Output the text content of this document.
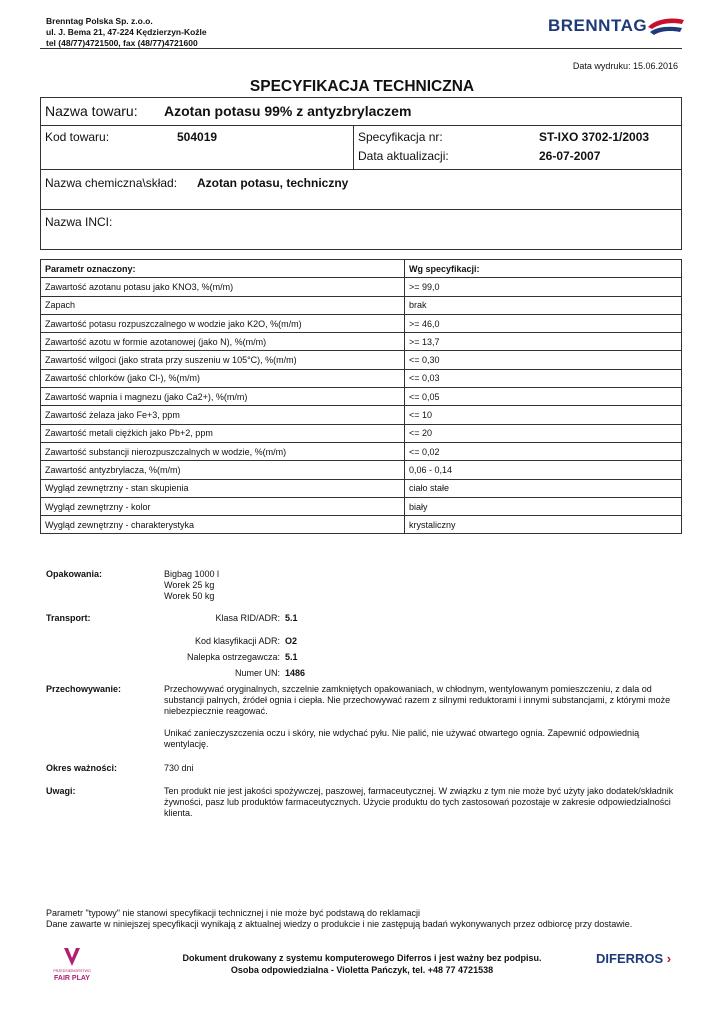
Brenntag Polska Sp. z.o.o.
ul. J. Bema 21, 47-224 Kędzierzyn-Koźle
tel (48/77)4721500, fax (48/77)4721600
BRENNTAG
Data wydruku: 15.06.2016
SPECYFIKACJA TECHNICZNA
Nazwa towaru: Azotan potasu 99% z antyzbrylaczem
Kod towaru:	504019	Specyfikacja nr:	ST-IXO 3702-1/2003
Data aktualizacji:	26-07-2007
Nazwa chemiczna\skład: Azotan potasu, techniczny
Nazwa INCI:
Parametr oznaczony:	Wg specyfikacji:
Zawartość azotanu potasu jako KNO3, %(m/m)	>= 99,0
Zapach	brak
Zawartość potasu rozpuszczalnego w wodzie jako K2O, %(m/m)	>= 46,0
Zawartość azotu w formie azotanowej (jako N), %(m/m)	>= 13,7
Zawartość wilgoci (jako strata przy suszeniu w 105°C), %(m/m)	<= 0,30
Zawartość chlorków (jako Cl-), %(m/m)	<= 0,03
Zawartość wapnia i magnezu (jako Ca2+), %(m/m)	<= 0,05
Zawartość żelaza jako Fe+3, ppm	<= 10
Zawartość metali ciężkich jako Pb+2, ppm	<= 20
Zawartość substancji nierozpuszczalnych w wodzie, %(m/m)	<= 0,02
Zawartość antyzbrylacza, %(m/m)	0,06 - 0,14
Wygląd zewnętrzny - stan skupienia	ciało stałe
Wygląd zewnętrzny - kolor	biały
Wygląd zewnętrzny - charakterystyka	krystaliczny
Opakowania:	Bigbag 1000 l
Worek 25 kg
Worek 50 kg
Transport:	Klasa RID/ADR: 5.1
Kod klasyfikacji ADR: O2
Nalepka ostrzegawcza: 5.1
Numer UN: 1486
Przechowywanie:	Przechowywać oryginalnych, szczelnie zamkniętych opakowaniach, w chłodnym, wentylowanym pomieszczeniu, z dala od substancji palnych, źródeł ognia i ciepła. Nie przechowywać razem z silnymi reduktorami i innymi substancjami, z którymi może niebezpiecznie reagować.
Unikać zanieczyszczenia oczu i skóry, nie wdychać pyłu. Nie palić, nie używać otwartego ognia. Zapewnić odpowiednią wentylację.
Okres ważności:	730 dni
Uwagi:	Ten produkt nie jest jakości spożywczej, paszowej, farmaceutycznej. W związku z tym nie może być użyty jako dodatek/składnik żywności, pasz lub produktów farmaceutycznych. Użycie produktu do tych zastosowań pozostaje w zakresie odpowiedzialności klienta.
Parametr "typowy" nie stanowi specyfikacji technicznej i nie może być podstawą do reklamacji
Dane zawarte w niniejszej specyfikacji wynikają z aktualnej wiedzy o produkcie i nie zastępują badań wykonywanych przez odbiorcę przy dostawie.
PRZEDSIĘBIORSTWO
FAIR PLAY
Dokument drukowany z systemu komputerowego Diferros i jest ważny bez podpisu.
Osoba odpowiedzialna - Violetta Pańczyk, tel. +48 77 4721538
DIFERROS ›
